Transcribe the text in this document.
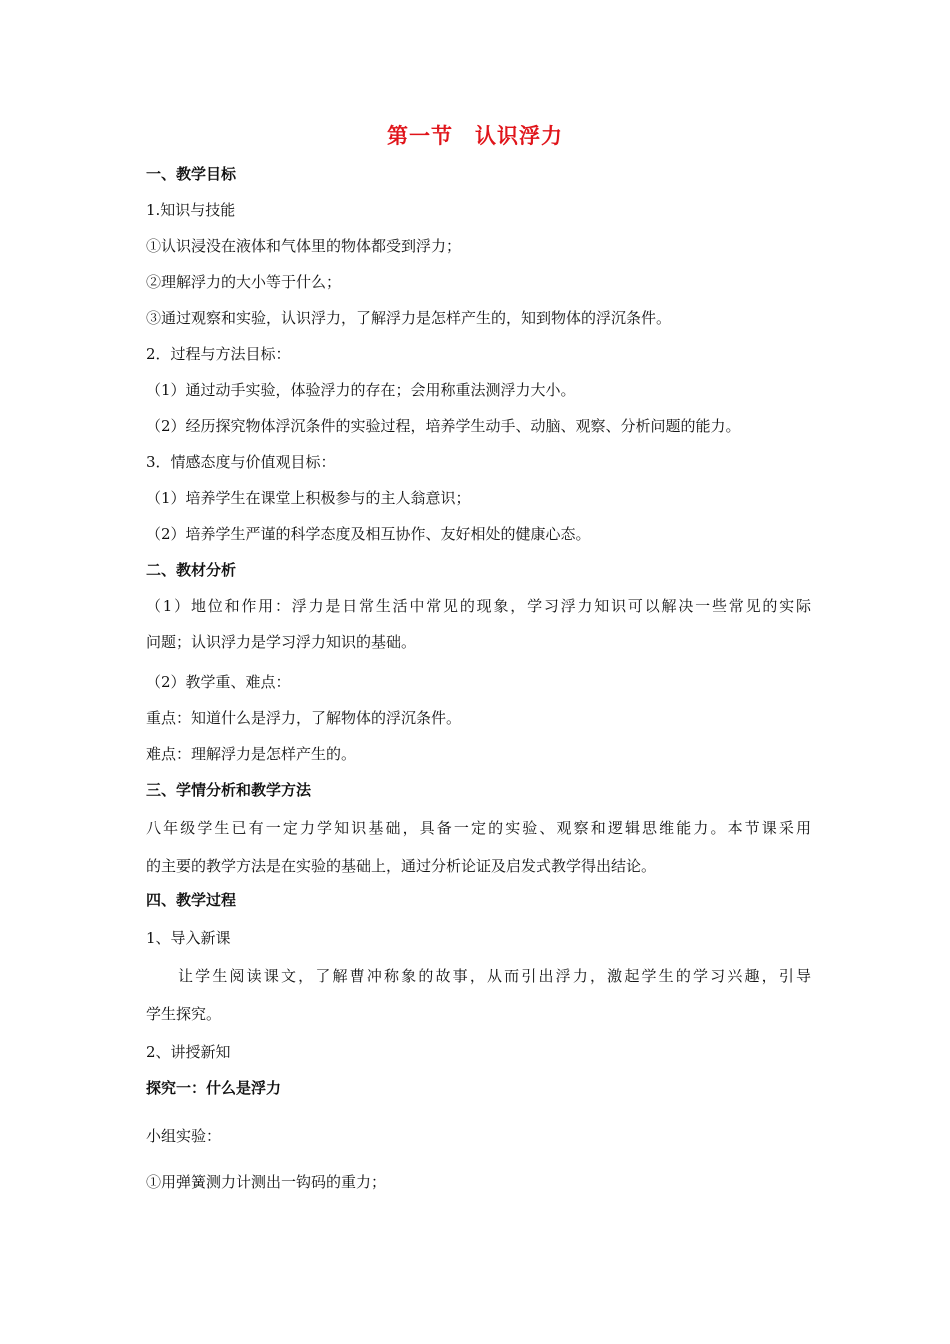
第一节　认识浮力
一、教学目标
1.知识与技能
①认识浸没在液体和气体里的物体都受到浮力；
②理解浮力的大小等于什么；
③通过观察和实验，认识浮力，了解浮力是怎样产生的，知到物体的浮沉条件。
2．过程与方法目标：
（1）通过动手实验，体验浮力的存在；会用称重法测浮力大小。
（2）经历探究物体浮沉条件的实验过程，培养学生动手、动脑、观察、分析问题的能力。
3．情感态度与价值观目标：
（1）培养学生在课堂上积极参与的主人翁意识；
（2）培养学生严谨的科学态度及相互协作、友好相处的健康心态。
二、教材分析
（1）地位和作用：浮力是日常生活中常见的现象，学习浮力知识可以解决一些常见的实际
问题；认识浮力是学习浮力知识的基础。
（2）教学重、难点：
重点：知道什么是浮力，了解物体的浮沉条件。
难点：理解浮力是怎样产生的。
三、学情分析和教学方法
八年级学生已有一定力学知识基础，具备一定的实验、观察和逻辑思维能力。本节课采用
的主要的教学方法是在实验的基础上，通过分析论证及启发式教学得出结论。
四、教学过程
1、导入新课
让学生阅读课文，了解曹冲称象的故事，从而引出浮力，激起学生的学习兴趣，引导
学生探究。
2、讲授新知
探究一：什么是浮力
小组实验：
①用弹簧测力计测出一钩码的重力；
